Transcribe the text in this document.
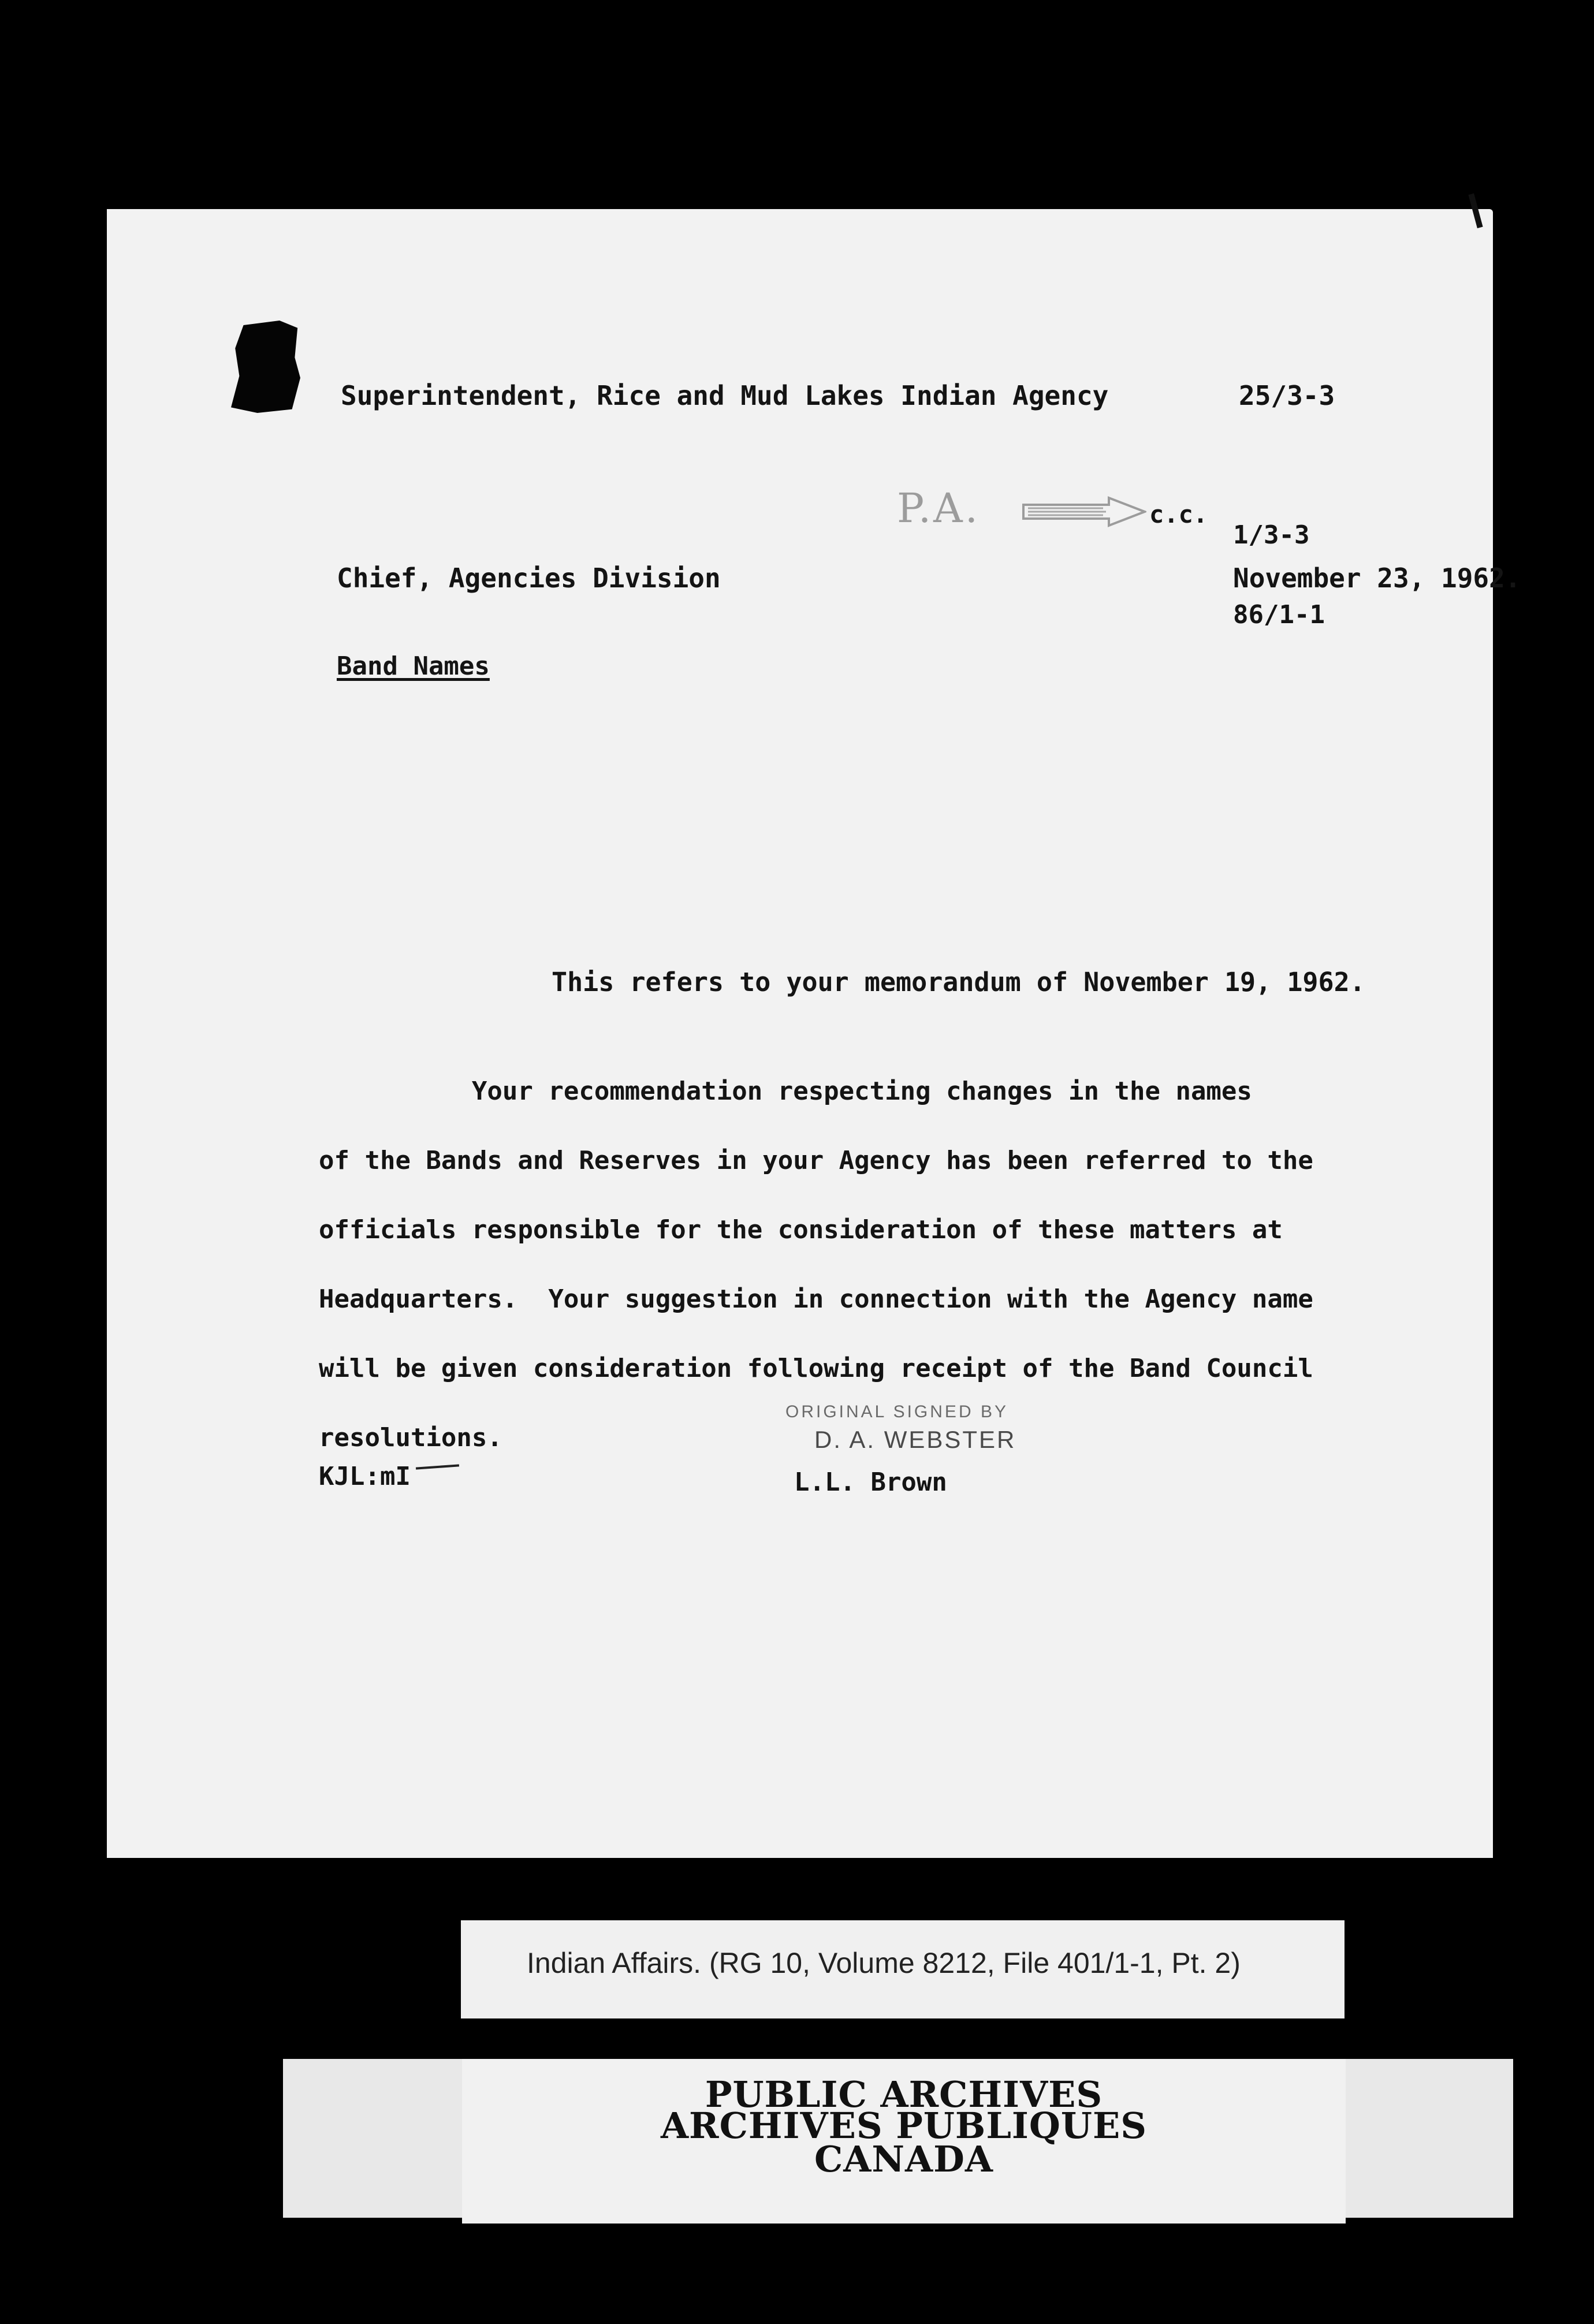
Superintendent, Rice and Mud Lakes Indian Agency	25/3-3

1/3-3

86/1-1

c.c.

P.A.

Chief, Agencies Division	November 23, 1962.

Band Names

This refers to your memorandum of November 19, 1962.

Your recommendation respecting changes in the names

of the Bands and Reserves in your Agency has been referred to the

officials responsible for the consideration of these matters at

Headquarters.  Your suggestion in connection with the Agency name

will be given consideration following receipt of the Band Council

resolutions.

ORIGINAL SIGNED BY

D. A. WEBSTER

KJL:mI	L.L. Brown

Indian Affairs. (RG 10, Volume 8212, File 401/1-1, Pt. 2)

PUBLIC ARCHIVES

ARCHIVES PUBLIQUES

CANADA
